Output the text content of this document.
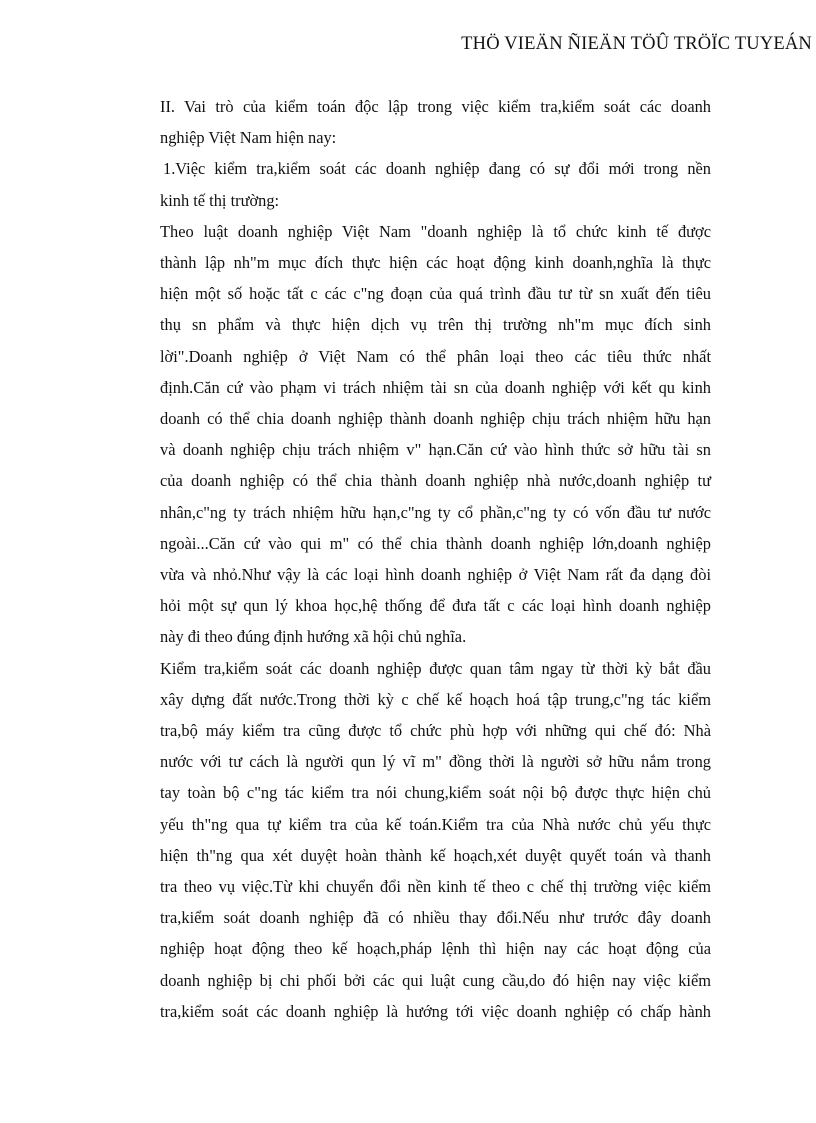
THÖ VIEÄN ÑIEÄN TÖÛ TRÖÏC TUYEÁN
II. Vai trò của kiểm toán độc lập trong việc kiểm tra,kiểm soát các doanh
nghiệp Việt Nam hiện nay:
1.Việc kiểm tra,kiểm soát các doanh nghiệp đang có sự đổi mới trong nền
kinh tế thị trường:
Theo luật doanh nghiệp Việt Nam "doanh nghiệp là tổ chức kinh tế được
thành lập nh"m mục đích thực hiện các hoạt động kinh doanh,nghĩa là thực
hiện một số hoặc tất c các c"ng đoạn của quá trình đầu tư từ sn xuất đến tiêu
thụ sn phẩm và thực hiện dịch vụ trên thị trường nh"m mục đích sinh
lời".Doanh nghiệp ở Việt Nam có thể phân loại theo các tiêu thức nhất
định.Căn cứ vào phạm vi trách nhiệm tài sn của doanh nghiệp với kết qu kinh
doanh có thể chia doanh nghiệp thành doanh nghiệp chịu trách nhiệm hữu hạn
và doanh nghiệp chịu trách nhiệm v" hạn.Căn cứ vào hình thức sở hữu tài sn
của doanh nghiệp có thể chia thành doanh nghiệp nhà nước,doanh nghiệp tư
nhân,c"ng ty trách nhiệm hữu hạn,c"ng ty cổ phần,c"ng ty có vốn đầu tư nước
ngoài...Căn cứ vào qui m" có thể chia thành doanh nghiệp lớn,doanh nghiệp
vừa và nhỏ.Như vậy là các loại hình doanh nghiệp ở Việt Nam rất đa dạng đòi
hỏi một sự qun lý khoa học,hệ thống để đưa tất c các loại hình doanh nghiệp
này đi theo đúng định hướng xã hội chủ nghĩa.
Kiểm tra,kiểm soát các doanh nghiệp được quan tâm ngay từ thời kỳ bắt đầu
xây dựng đất nước.Trong thời kỳ c chế kế hoạch hoá tập trung,c"ng tác kiểm
tra,bộ máy kiểm tra cũng được tổ chức phù hợp với những qui chế đó: Nhà
nước với tư cách là người qun lý vĩ m" đồng thời là người sở hữu nắm trong
tay toàn bộ c"ng tác kiểm tra nói chung,kiểm soát nội bộ được thực hiện chủ
yếu th"ng qua tự kiểm tra của kế toán.Kiểm tra của Nhà nước chủ yếu thực
hiện th"ng qua xét duyệt hoàn thành kế hoạch,xét duyệt quyết toán và thanh
tra theo vụ việc.Từ khi chuyển đổi nền kinh tế theo c chế thị trường việc kiểm
tra,kiểm soát doanh nghiệp đã có nhiều thay đổi.Nếu như trước đây doanh
nghiệp hoạt động theo kế hoạch,pháp lệnh thì hiện nay các hoạt động của
doanh nghiệp bị chi phối bởi các qui luật cung cầu,do đó hiện nay việc kiểm
tra,kiểm soát các doanh nghiệp là hướng tới việc doanh nghiệp có chấp hành
